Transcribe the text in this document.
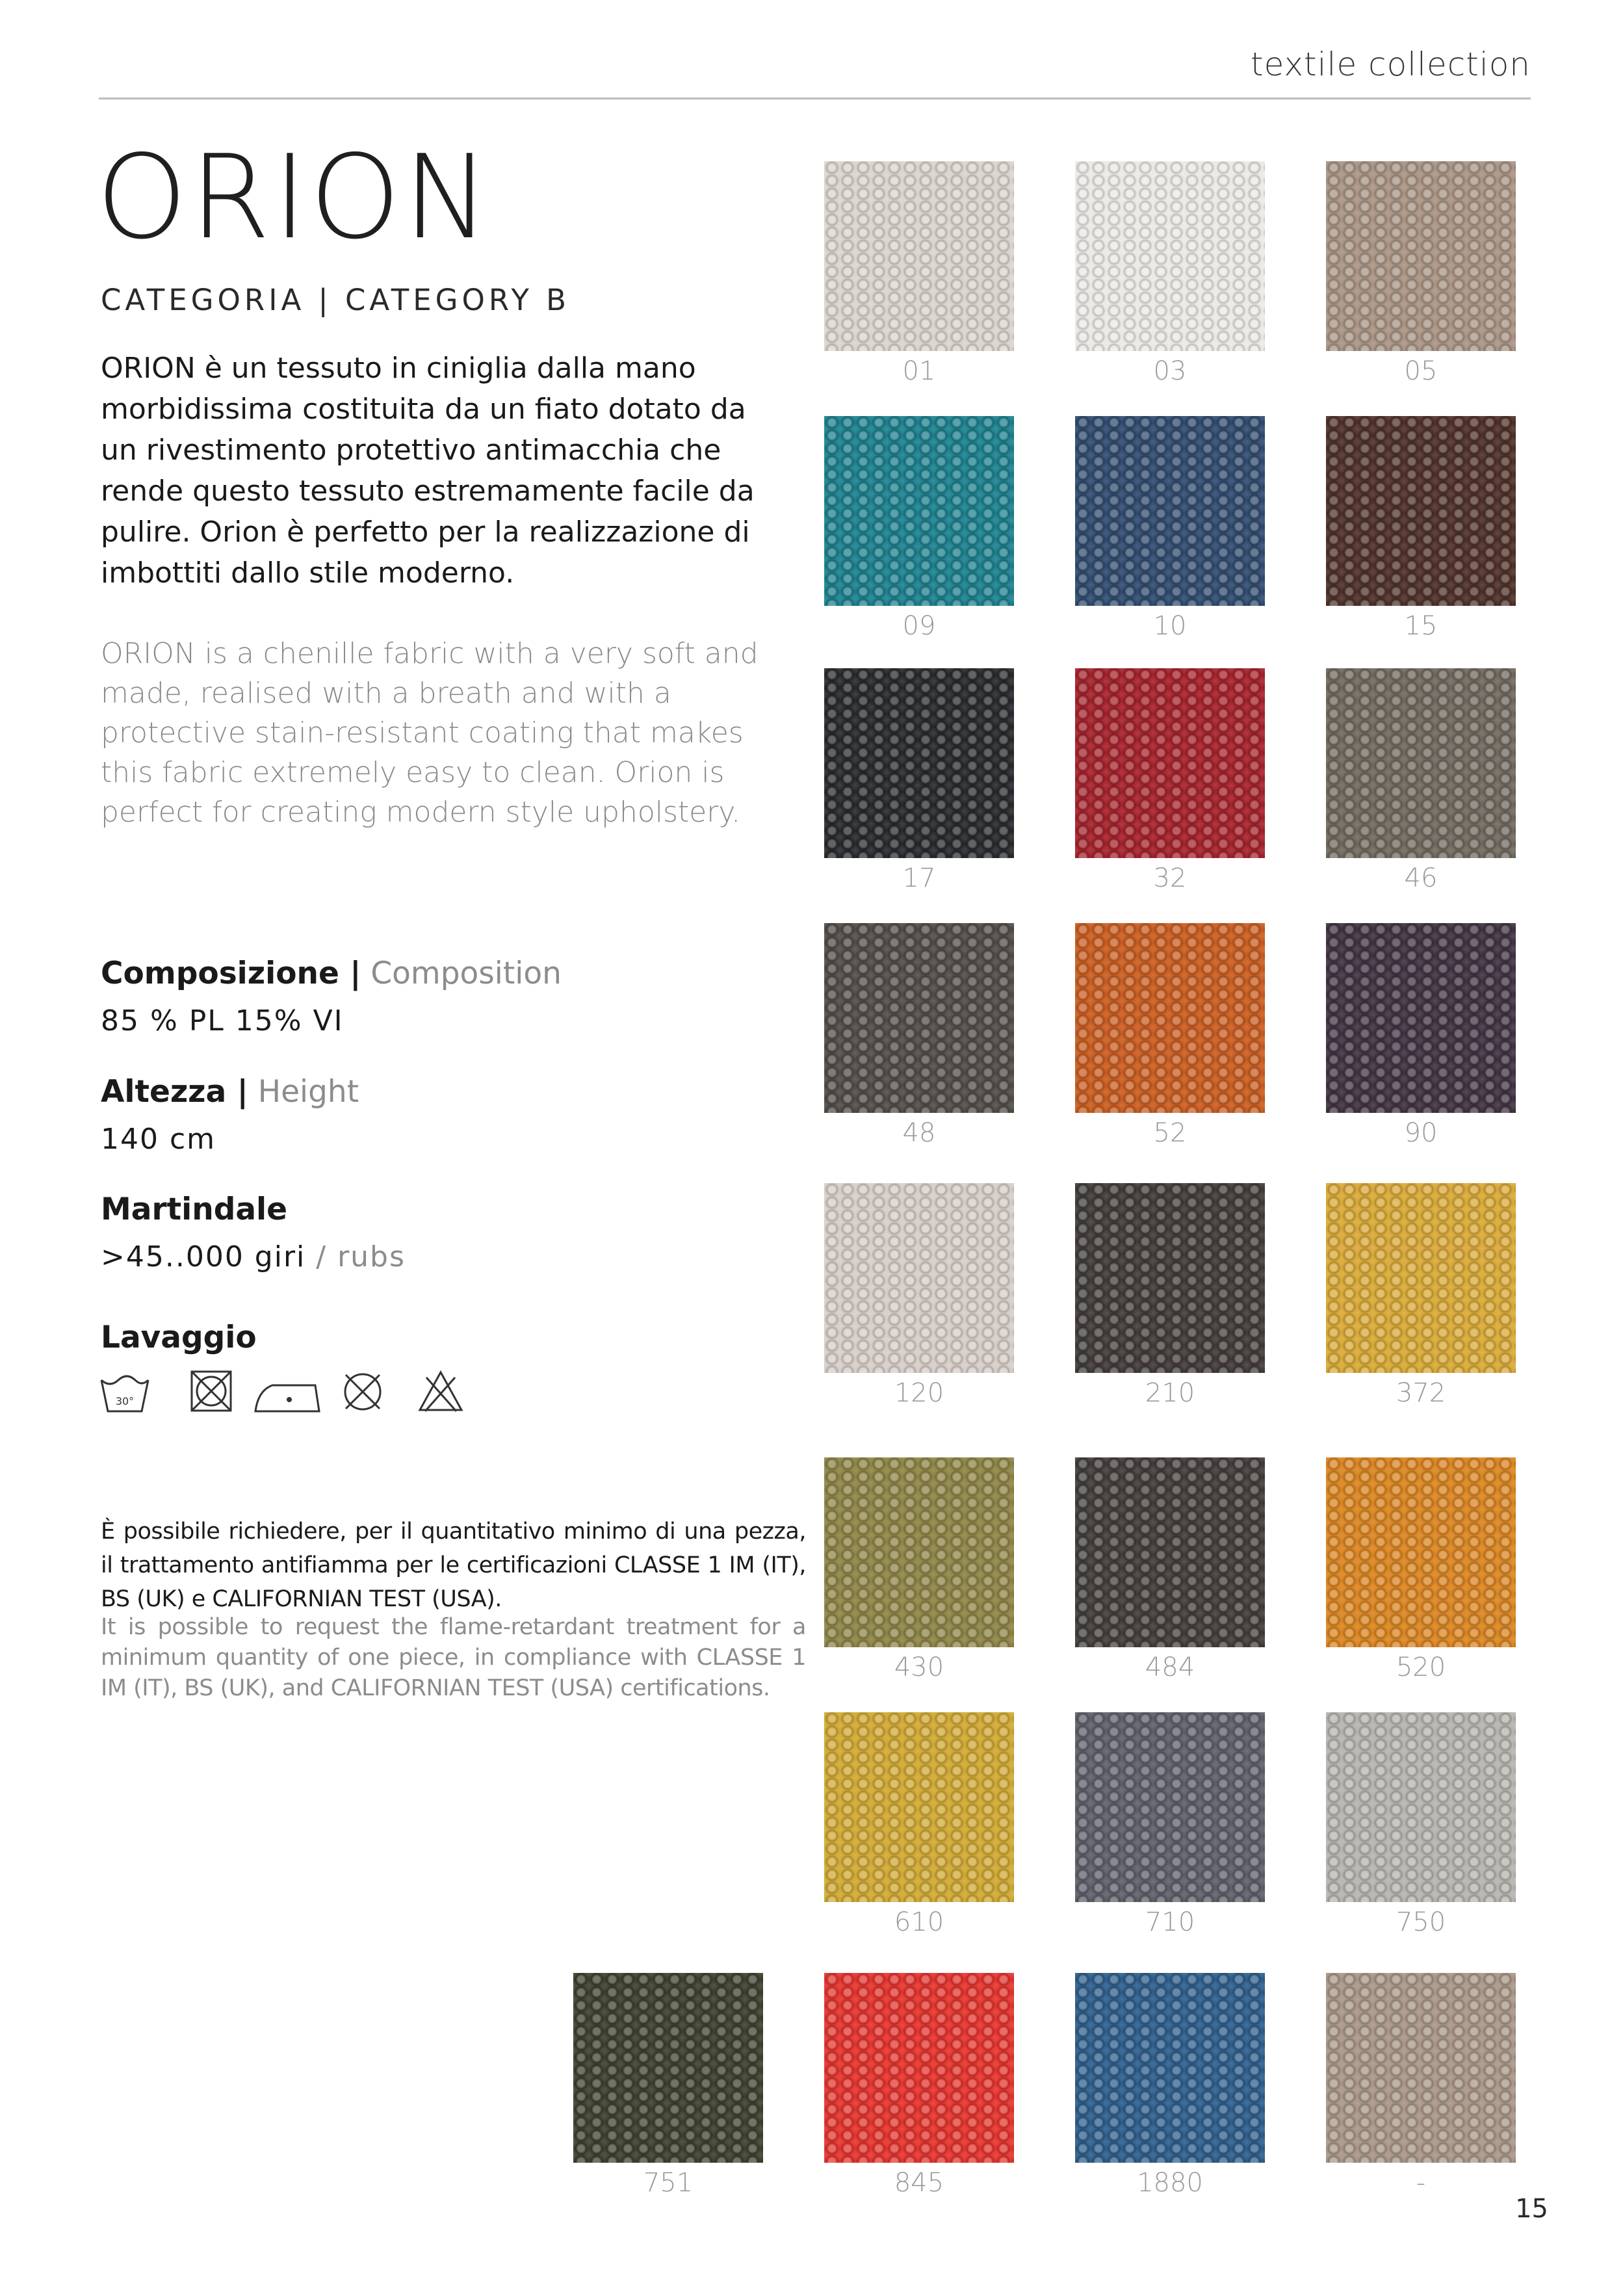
textile collection
ORION
CATEGORIA | CATEGORY B
ORION è un tessuto in ciniglia dalla mano morbidissima costituita da un fiato dotato da un rivestimento protettivo antimacchia che rende questo tessuto estremamente facile da pulire. Orion è perfetto per la realizzazione di imbottiti dallo stile moderno.
ORION is a chenille fabric with a very soft and made, realised with a breath and with a protective stain-resistant coating that makes this fabric extremely easy to clean. Orion is perfect for creating modern style upholstery.
Composizione | Composition
85 % PL 15% VI
Altezza | Height
140 cm
Martindale
>45..000 giri / rubs
Lavaggio
30°
È possibile richiedere, per il quantitativo minimo di una pezza, il trattamento antifiamma per le certificazioni CLASSE 1 IM (IT), BS (UK) e CALIFORNIAN TEST (USA).
It is possible to request the flame-retardant treatment for a minimum quantity of one piece, in compliance with CLASSE 1 IM (IT), BS (UK), and CALIFORNIAN TEST (USA) certifications.
01	03	05
09	10	15
17	32	46
48	52	90
120	210	372
430	484	520
610	710	750
751	845	1880	-
15
